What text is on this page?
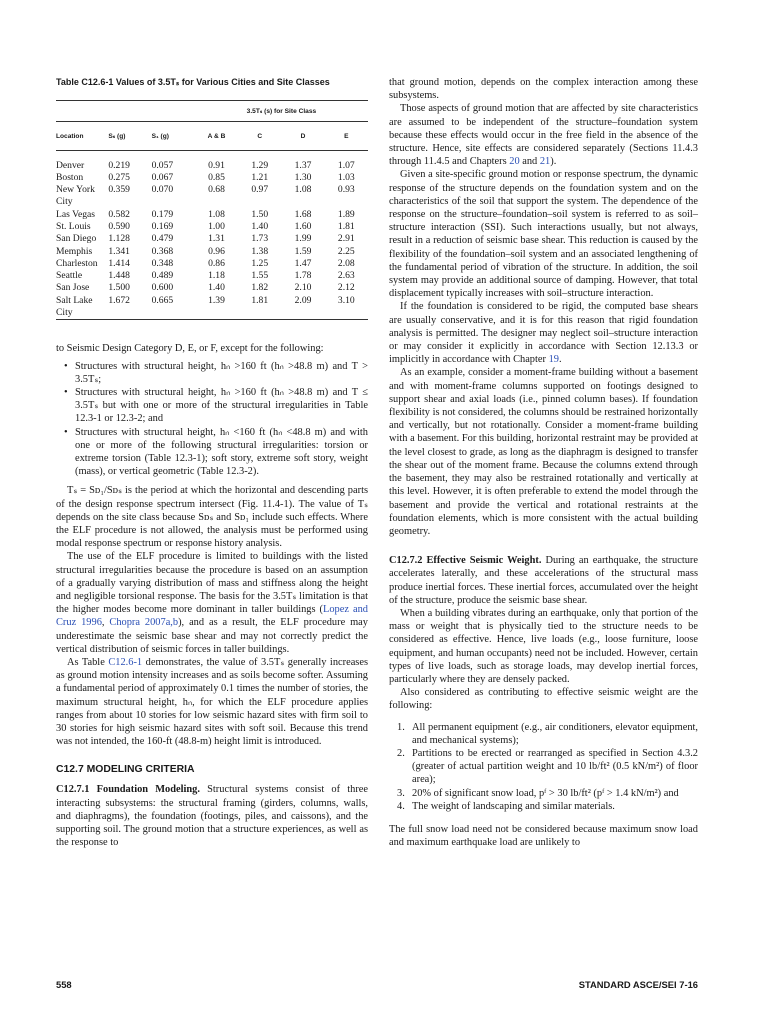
Table C12.6-1 Values of 3.5Tₛ for Various Cities and Site Classes
			3.5Tₛ (s) for Site Class			
Location	Sₛ (g)	S₁ (g)	A & B	C	D	E

Denver	0.219	0.057	0.91	1.29	1.37	1.07
Boston	0.275	0.067	0.85	1.21	1.30	1.03
New York	0.359	0.070	0.68	0.97	1.08	0.93
City						
Las Vegas	0.582	0.179	1.08	1.50	1.68	1.89
St. Louis	0.590	0.169	1.00	1.40	1.60	1.81
San Diego	1.128	0.479	1.31	1.73	1.99	2.91
Memphis	1.341	0.368	0.96	1.38	1.59	2.25
Charleston	1.414	0.348	0.86	1.25	1.47	2.08
Seattle	1.448	0.489	1.18	1.55	1.78	2.63
San Jose	1.500	0.600	1.40	1.82	2.10	2.12
Salt Lake	1.672	0.665	1.39	1.81	2.09	3.10
City						

to Seismic Design Category D, E, or F, except for the following:

• Structures with structural height, hₙ >160 ft (hₙ >48.8 m) and T > 3.5Tₛ;
• Structures with structural height, hₙ >160 ft (hₙ >48.8 m) and T ≤ 3.5Tₛ but with one or more of the structural irregularities in Table 12.3-1 or 12.3-2; and
• Structures with structural height, hₙ <160 ft (hₙ <48.8 m) and with one or more of the following structural irregularities: torsion or extreme torsion (Table 12.3-1); soft story, extreme soft story, weight (mass), or vertical geometric (Table 12.3-2).

Tₛ = Sᴅ₁/Sᴅₛ is the period at which the horizontal and descending parts of the design response spectrum intersect (Fig. 11.4-1). The value of Tₛ depends on the site class because Sᴅₛ and Sᴅ₁ include such effects. Where the ELF procedure is not allowed, the analysis must be performed using modal response spectrum or response history analysis.

The use of the ELF procedure is limited to buildings with the listed structural irregularities because the procedure is based on an assumption of a gradually varying distribution of mass and stiffness along the height and negligible torsional response. The basis for the 3.5Tₛ limitation is that the higher modes become more dominant in taller buildings (Lopez and Cruz 1996, Chopra 2007a,b), and as a result, the ELF procedure may underestimate the seismic base shear and may not correctly predict the vertical distribution of seismic forces in taller buildings.

As Table C12.6-1 demonstrates, the value of 3.5Tₛ generally increases as ground motion intensity increases and as soils become softer. Assuming a fundamental period of approximately 0.1 times the number of stories, the maximum structural height, hₙ, for which the ELF procedure applies ranges from about 10 stories for low seismic hazard sites with firm soil to 30 stories for high seismic hazard sites with soft soil. Because this trend was not intended, the 160-ft (48.8-m) height limit is introduced.

C12.7 MODELING CRITERIA

C12.7.1 Foundation Modeling. Structural systems consist of three interacting subsystems: the structural framing (girders, columns, walls, and diaphragms), the foundation (footings, piles, and caissons), and the supporting soil. The ground motion that a structure experiences, as well as the response to

that ground motion, depends on the complex interaction among these subsystems.

Those aspects of ground motion that are affected by site characteristics are assumed to be independent of the structure–foundation system because these effects would occur in the free field in the absence of the structure. Hence, site effects are considered separately (Sections 11.4.3 through 11.4.5 and Chapters 20 and 21).

Given a site-specific ground motion or response spectrum, the dynamic response of the structure depends on the foundation system and on the characteristics of the soil that support the system. The dependence of the response on the structure–foundation–soil system is referred to as soil–structure interaction (SSI). Such interactions usually, but not always, result in a reduction of seismic base shear. This reduction is caused by the flexibility of the foundation–soil system and an associated lengthening of the fundamental period of vibration of the structure. In addition, the soil system may provide an additional source of damping. However, that total displacement typically increases with soil–structure interaction.

If the foundation is considered to be rigid, the computed base shears are usually conservative, and it is for this reason that rigid foundation analysis is permitted. The designer may neglect soil–structure interaction or may consider it explicitly in accordance with Section 12.13.3 or implicitly in accordance with Chapter 19.

As an example, consider a moment-frame building without a basement and with moment-frame columns supported on footings designed to support shear and axial loads (i.e., pinned column bases). If foundation flexibility is not considered, the columns should be restrained horizontally and vertically, but not rotationally. Consider a moment-frame building with a basement. For this building, horizontal restraint may be provided at the level closest to grade, as long as the diaphragm is designed to transfer the shear out of the moment frame. Because the columns extend through the basement, they may also be restrained rotationally and vertically at this level. However, it is often preferable to extend the model through the basement and provide the vertical and rotational restraints at the foundation elements, which is more consistent with the actual building geometry.

C12.7.2 Effective Seismic Weight. During an earthquake, the structure accelerates laterally, and these accelerations of the structural mass produce inertial forces. These inertial forces, accumulated over the height of the structure, produce the seismic base shear.

When a building vibrates during an earthquake, only that portion of the mass or weight that is physically tied to the structure needs to be considered as effective. Hence, live loads (e.g., loose furniture, loose equipment, and human occupants) need not be included. However, certain types of live loads, such as storage loads, may develop inertial forces, particularly where they are densely packed.

Also considered as contributing to effective seismic weight are the following:

1. All permanent equipment (e.g., air conditioners, elevator equipment, and mechanical systems);
2. Partitions to be erected or rearranged as specified in Section 4.3.2 (greater of actual partition weight and 10 lb/ft² (0.5 kN/m²) of floor area);
3. 20% of significant snow load, pᶠ > 30 lb/ft² (pᶠ > 1.4 kN/m²) and
4. The weight of landscaping and similar materials.

The full snow load need not be considered because maximum snow load and maximum earthquake load are unlikely to

558	STANDARD ASCE/SEI 7-16
